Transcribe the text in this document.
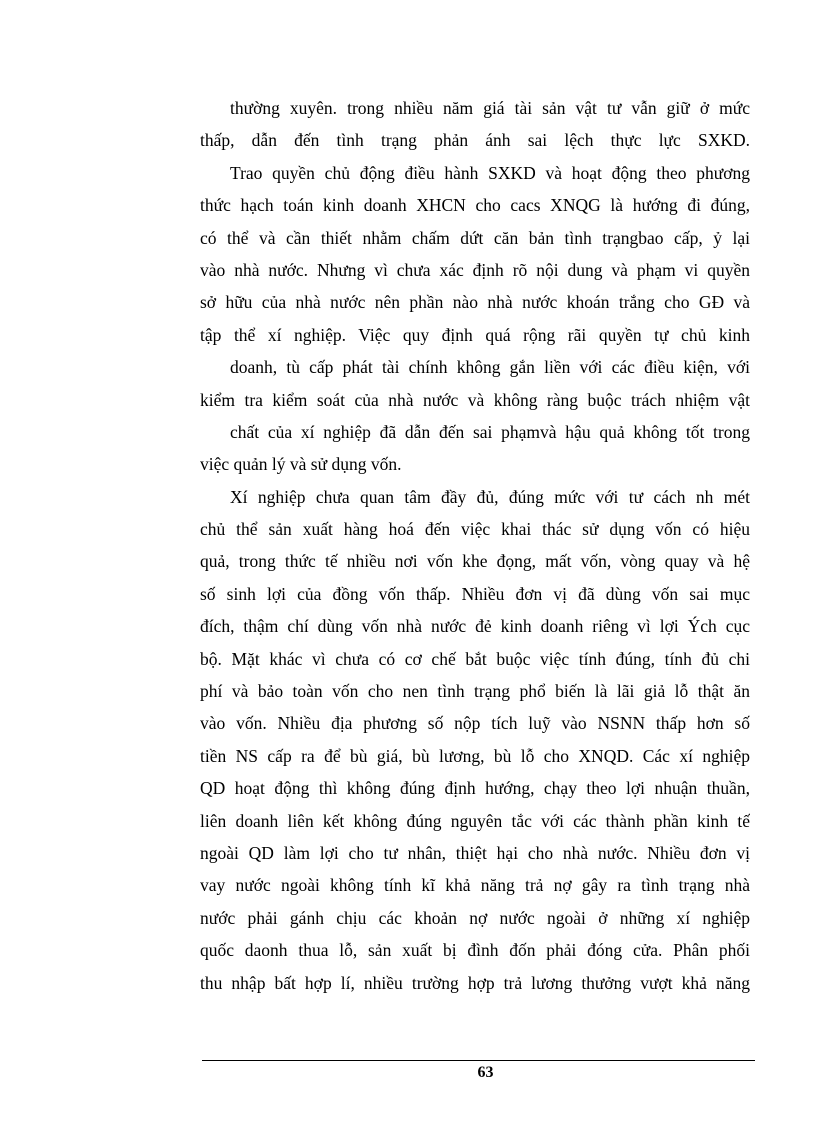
thường xuyên. trong nhiều năm giá tài sản vật tư vẫn giữ ở mức
thấp, dẫn đến tình trạng phản ánh sai lệch thực lực SXKD.
Trao quyền chủ động điều hành SXKD và hoạt động theo phương
thức hạch toán kinh doanh XHCN cho cacs XNQG là hướng đi đúng,
có thể và cần thiết nhằm chấm dứt căn bản tình trạngbao cấp, ỷ lại
vào nhà nước. Nhưng vì chưa xác định rõ nội dung và phạm vi quyền
sở hữu của nhà nước nên phần nào nhà nước khoán trắng cho GĐ và
tập thể xí nghiệp. Việc quy định quá rộng rãi quyền tự chủ kinh
doanh, tù cấp phát tài chính không gắn liền với các điều kiện, với
kiểm tra kiểm soát của nhà nước và không ràng buộc trách nhiệm vật
chất của xí nghiệp đã dẫn đến sai phạmvà hậu quả không tốt trong
việc quản lý và sử dụng vốn.
Xí nghiệp chưa quan tâm đầy đủ, đúng mức với tư cách nh mét
chủ thể sản xuất hàng hoá đến việc khai thác sử dụng vốn có hiệu
quả, trong thức tế nhiều nơi vốn khe đọng, mất vốn, vòng quay và hệ
số sinh lợi của đồng vốn thấp. Nhiều đơn vị đã dùng vốn sai mục
đích, thậm chí dùng vốn nhà nước đẻ kinh doanh riêng vì lợi Ých cục
bộ. Mặt khác vì chưa có cơ chế bắt buộc việc tính đúng, tính đủ chi
phí và bảo toàn vốn cho nen tình trạng phổ biến là lãi giả lỗ thật ăn
vào vốn. Nhiều địa phương số nộp tích luỹ vào NSNN thấp hơn số
tiền NS cấp ra để bù giá, bù lương, bù lỗ cho XNQD. Các xí nghiệp
QD hoạt động thì không đúng định hướng, chạy theo lợi nhuận thuần,
liên doanh liên kết không đúng nguyên tắc với các thành phần kinh tế
ngoài QD làm lợi cho tư nhân, thiệt hại cho nhà nước. Nhiều đơn vị
vay nước ngoài không tính kĩ khả năng trả nợ gây ra tình trạng nhà
nước phải gánh chịu các khoản nợ nước ngoài ở những xí nghiệp
quốc daonh thua lỗ, sản xuất bị đình đốn phải đóng cửa. Phân phối
thu nhập bất hợp lí, nhiều trường hợp trả lương thưởng vượt khả năng
63
